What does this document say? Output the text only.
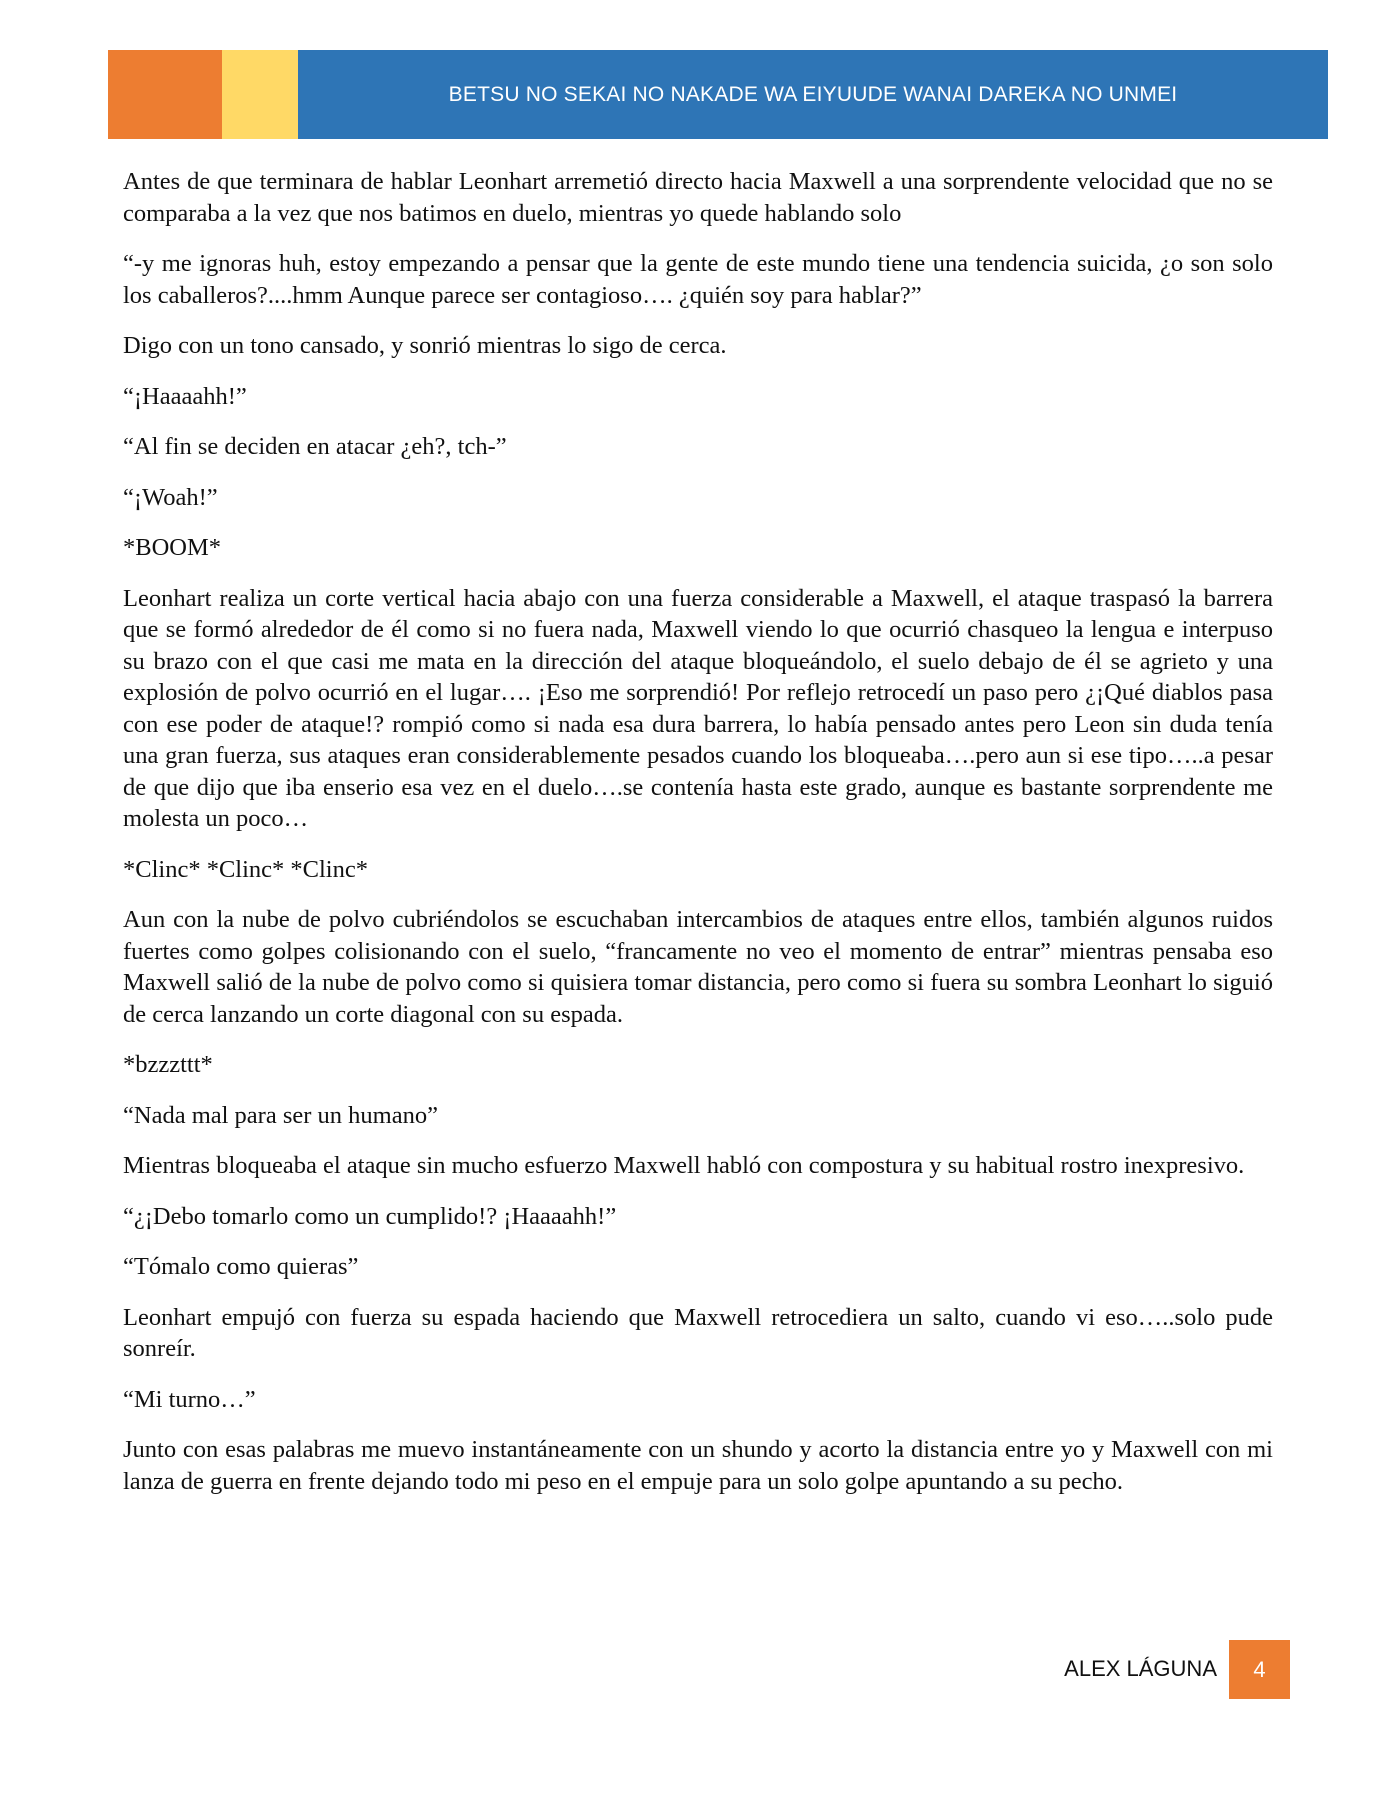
BETSU NO SEKAI NO NAKADE WA EIYUUDE WANAI DAREKA NO UNMEI

Antes de que terminara de hablar Leonhart arremetió directo hacia Maxwell a una sorprendente velocidad que no se comparaba a la vez que nos batimos en duelo, mientras yo quede hablando solo

“-y me ignoras huh, estoy empezando a pensar que la gente de este mundo tiene una tendencia suicida, ¿o son solo los caballeros?....hmm Aunque parece ser contagioso…. ¿quién soy para hablar?”

Digo con un tono cansado, y sonrió mientras lo sigo de cerca.

“¡Haaaahh!”

“Al fin se deciden en atacar ¿eh?, tch-”

“¡Woah!”

*BOOM*

Leonhart realiza un corte vertical hacia abajo con una fuerza considerable a Maxwell, el ataque traspasó la barrera que se formó alrededor de él como si no fuera nada, Maxwell viendo lo que ocurrió chasqueo la lengua e interpuso su brazo con el que casi me mata en la dirección del ataque bloqueándolo, el suelo debajo de él se agrieto y una explosión de polvo ocurrió en el lugar…. ¡Eso me sorprendió! Por reflejo retrocedí un paso pero ¿¡Qué diablos pasa con ese poder de ataque!? rompió como si nada esa dura barrera, lo había pensado antes pero Leon sin duda tenía una gran fuerza, sus ataques eran considerablemente pesados cuando los bloqueaba….pero aun si ese tipo…..a pesar de que dijo que iba enserio esa vez en el duelo….se contenía hasta este grado, aunque es bastante sorprendente me molesta un poco…

*Clinc* *Clinc* *Clinc*

Aun con la nube de polvo cubriéndolos se escuchaban intercambios de ataques entre ellos, también algunos ruidos fuertes como golpes colisionando con el suelo, “francamente no veo el momento de entrar” mientras pensaba eso Maxwell salió de la nube de polvo como si quisiera tomar distancia, pero como si fuera su sombra Leonhart lo siguió de cerca lanzando un corte diagonal con su espada.

*bzzzttt*

“Nada mal para ser un humano”

Mientras bloqueaba el ataque sin mucho esfuerzo Maxwell habló con compostura y su habitual rostro inexpresivo.

“¿¡Debo tomarlo como un cumplido!? ¡Haaaahh!”

“Tómalo como quieras”

Leonhart empujó con fuerza su espada haciendo que Maxwell retrocediera un salto, cuando vi eso…..solo pude sonreír.

“Mi turno…”

Junto con esas palabras me muevo instantáneamente con un shundo y acorto la distancia entre yo y Maxwell con mi lanza de guerra en frente dejando todo mi peso en el empuje para un solo golpe apuntando a su pecho.

ALEX LÁGUNA	4
